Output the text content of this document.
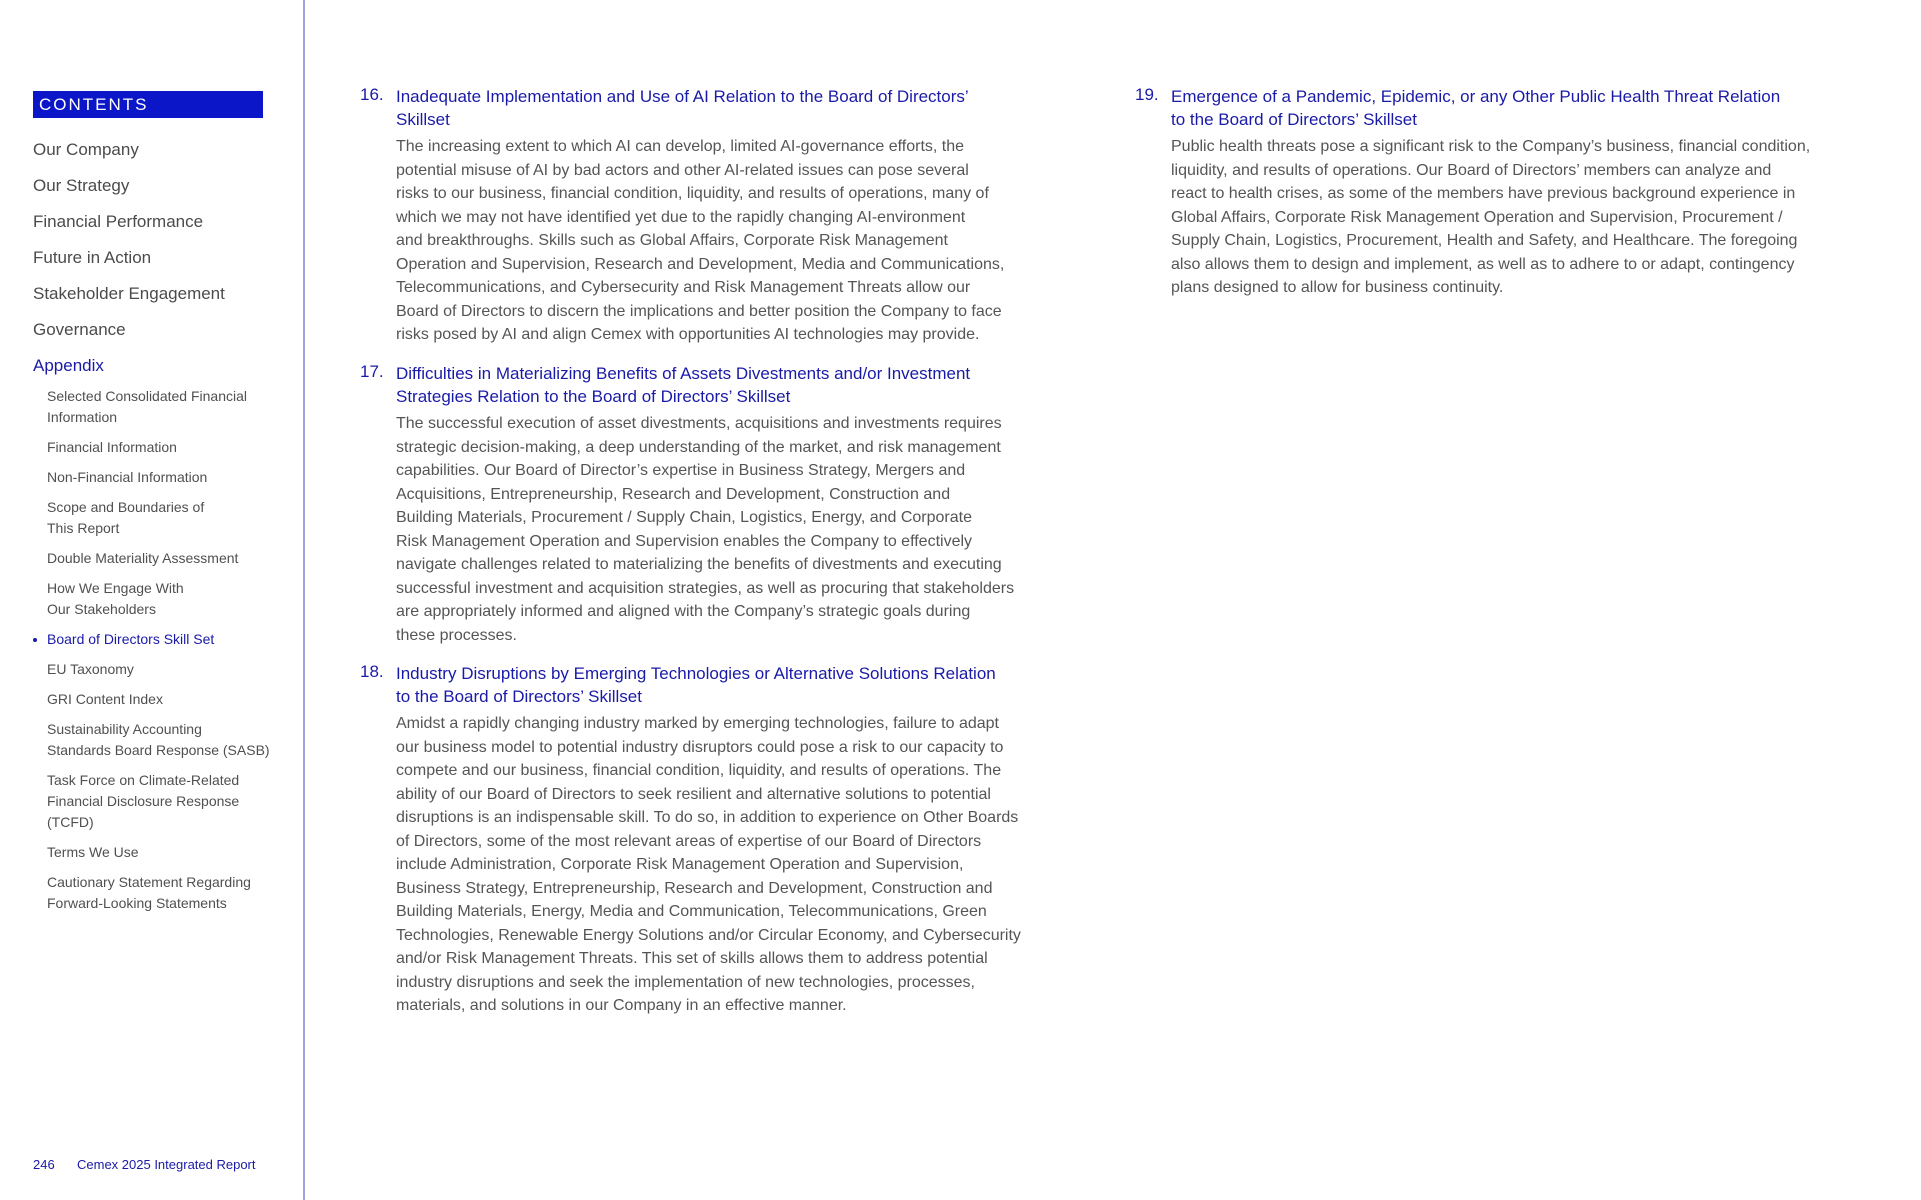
CONTENTS
Our Company
Our Strategy
Financial Performance
Future in Action
Stakeholder Engagement
Governance
Appendix
Selected Consolidated Financial
Information
Financial Information
Non-Financial Information
Scope and Boundaries of
This Report
Double Materiality Assessment
How We Engage With
Our Stakeholders
Board of Directors Skill Set
EU Taxonomy
GRI Content Index
Sustainability Accounting
Standards Board Response (SASB)
Task Force on Climate-Related
Financial Disclosure Response
(TCFD)
Terms We Use
Cautionary Statement Regarding
Forward-Looking Statements
246 Cemex 2025 Integrated Report
16. Inadequate Implementation and Use of AI Relation to the Board of Directors’
Skillset
The increasing extent to which AI can develop, limited AI-governance efforts, the
potential misuse of AI by bad actors and other AI-related issues can pose several
risks to our business, financial condition, liquidity, and results of operations, many of
which we may not have identified yet due to the rapidly changing AI-environment
and breakthroughs. Skills such as Global Affairs, Corporate Risk Management
Operation and Supervision, Research and Development, Media and Communications,
Telecommunications, and Cybersecurity and Risk Management Threats allow our
Board of Directors to discern the implications and better position the Company to face
risks posed by AI and align Cemex with opportunities AI technologies may provide.
17. Difficulties in Materializing Benefits of Assets Divestments and/or Investment
Strategies Relation to the Board of Directors’ Skillset
The successful execution of asset divestments, acquisitions and investments requires
strategic decision-making, a deep understanding of the market, and risk management
capabilities. Our Board of Director’s expertise in Business Strategy, Mergers and
Acquisitions, Entrepreneurship, Research and Development, Construction and
Building Materials, Procurement / Supply Chain, Logistics, Energy, and Corporate
Risk Management Operation and Supervision enables the Company to effectively
navigate challenges related to materializing the benefits of divestments and executing
successful investment and acquisition strategies, as well as procuring that stakeholders
are appropriately informed and aligned with the Company’s strategic goals during
these processes.
18. Industry Disruptions by Emerging Technologies or Alternative Solutions Relation
to the Board of Directors’ Skillset
Amidst a rapidly changing industry marked by emerging technologies, failure to adapt
our business model to potential industry disruptors could pose a risk to our capacity to
compete and our business, financial condition, liquidity, and results of operations. The
ability of our Board of Directors to seek resilient and alternative solutions to potential
disruptions is an indispensable skill. To do so, in addition to experience on Other Boards
of Directors, some of the most relevant areas of expertise of our Board of Directors
include Administration, Corporate Risk Management Operation and Supervision,
Business Strategy, Entrepreneurship, Research and Development, Construction and
Building Materials, Energy, Media and Communication, Telecommunications, Green
Technologies, Renewable Energy Solutions and/or Circular Economy, and Cybersecurity
and/or Risk Management Threats. This set of skills allows them to address potential
industry disruptions and seek the implementation of new technologies, processes,
materials, and solutions in our Company in an effective manner.
19. Emergence of a Pandemic, Epidemic, or any Other Public Health Threat Relation
to the Board of Directors’ Skillset
Public health threats pose a significant risk to the Company’s business, financial condition,
liquidity, and results of operations. Our Board of Directors’ members can analyze and
react to health crises, as some of the members have previous background experience in
Global Affairs, Corporate Risk Management Operation and Supervision, Procurement /
Supply Chain, Logistics, Procurement, Health and Safety, and Healthcare. The foregoing
also allows them to design and implement, as well as to adhere to or adapt, contingency
plans designed to allow for business continuity.
